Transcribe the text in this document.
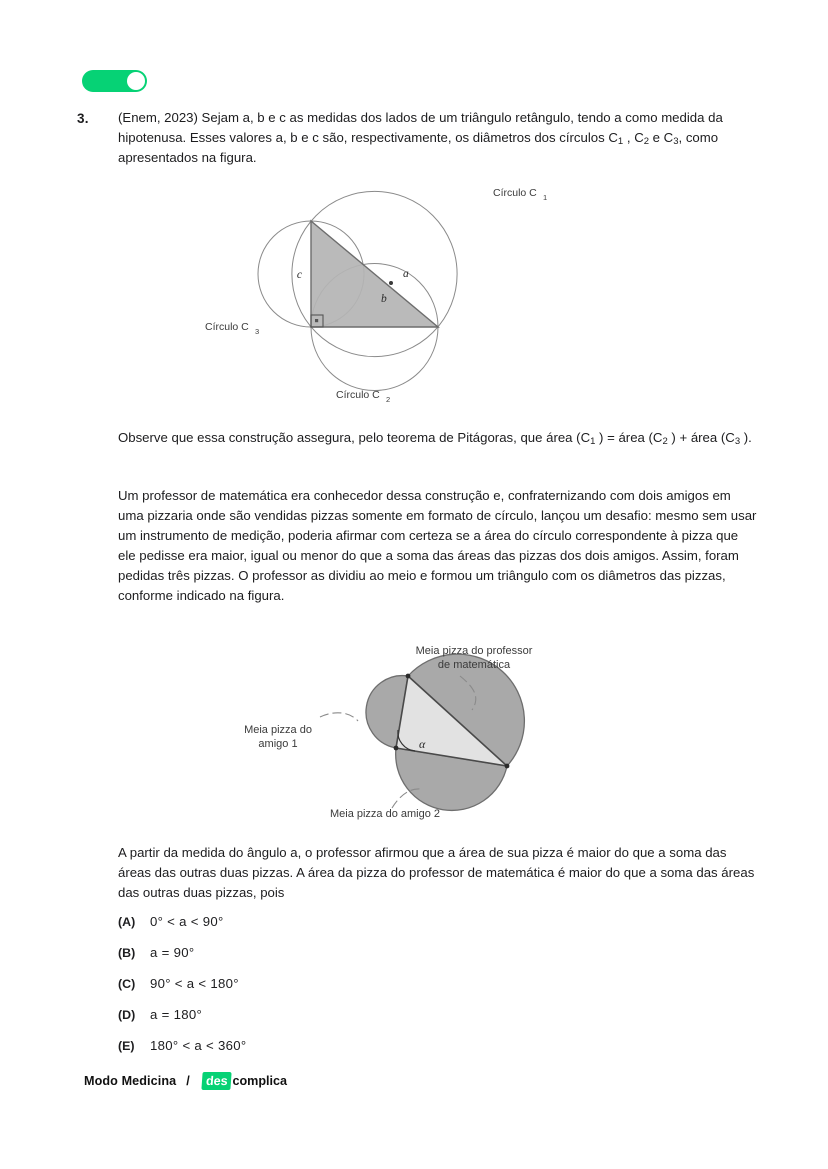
3. (Enem, 2023) Sejam a, b e c as medidas dos lados de um triângulo retângulo, tendo a como medida da hipotenusa. Esses valores a, b e c são, respectivamente, os diâmetros dos círculos $C_1$ , $C_2$ e $C_3$, como apresentados na figura.

c
b
a
Círculo C 1
Círculo C 2
Círculo C 3

Observe que essa construção assegura, pelo teorema de Pitágoras, que área ($C_1$ ) = área ($C_2$ ) + área ($C_3$ ).

Um professor de matemática era conhecedor dessa construção e, confraternizando com dois amigos em uma pizzaria onde são vendidas pizzas somente em formato de círculo, lançou um desafio: mesmo sem usar um instrumento de medição, poderia afirmar com certeza se a área do círculo correspondente à pizza que ele pedisse era maior, igual ou menor do que a soma das áreas das pizzas dos dois amigos. Assim, foram pedidas três pizzas. O professor as dividiu ao meio e formou um triângulo com os diâmetros das pizzas, conforme indicado na figura.

α
Meia pizza do professor
de matemática
Meia pizza do
amigo 1
Meia pizza do amigo 2

A partir da medida do ângulo a, o professor afirmou que a área de sua pizza é maior do que a soma das áreas das outras duas pizzas. A área da pizza do professor de matemática é maior do que a soma das áreas das outras duas pizzas, pois

(A)	0° < a < 90°
(B)	a = 90°
(C)	90° < a < 180°
(D)	a = 180°
(E)	180° < a < 360°
Modo Medicina /	des complica
